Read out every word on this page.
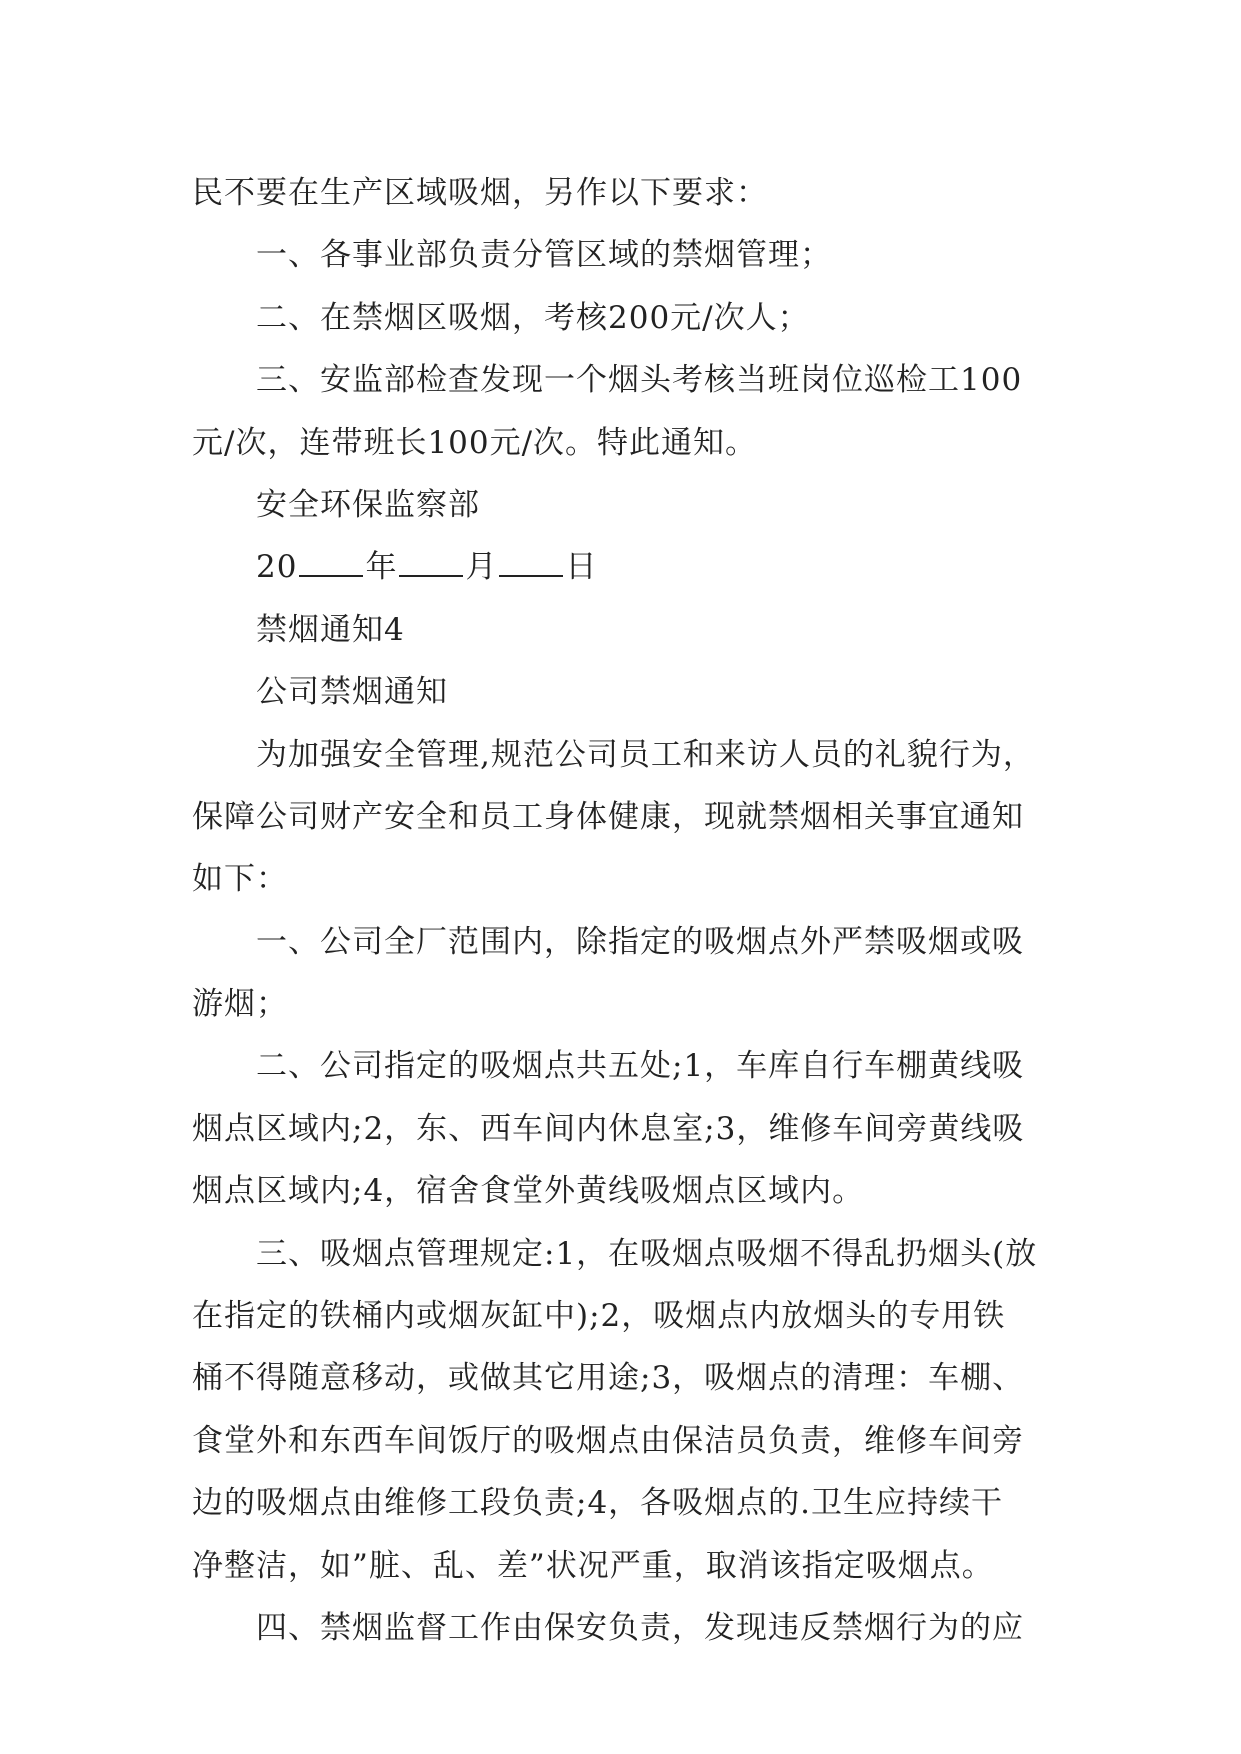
民不要在生产区域吸烟，另作以下要求：
一、各事业部负责分管区域的禁烟管理；
二、在禁烟区吸烟，考核200元/次人；
三、安监部检查发现一个烟头考核当班岗位巡检工100
元/次，连带班长100元/次。特此通知。
安全环保监察部
20 年 月 日
禁烟通知4
公司禁烟通知
为加强安全管理,规范公司员工和来访人员的礼貌行为，
保障公司财产安全和员工身体健康，现就禁烟相关事宜通知
如下：
一、公司全厂范围内，除指定的吸烟点外严禁吸烟或吸
游烟；
二、公司指定的吸烟点共五处;1，车库自行车棚黄线吸
烟点区域内;2，东、西车间内休息室;3，维修车间旁黄线吸
烟点区域内;4，宿舍食堂外黄线吸烟点区域内。
三、吸烟点管理规定:1，在吸烟点吸烟不得乱扔烟头(放
在指定的铁桶内或烟灰缸中);2，吸烟点内放烟头的专用铁
桶不得随意移动，或做其它用途;3，吸烟点的清理：车棚、
食堂外和东西车间饭厅的吸烟点由保洁员负责，维修车间旁
边的吸烟点由维修工段负责;4，各吸烟点的.卫生应持续干
净整洁，如”脏、乱、差”状况严重，取消该指定吸烟点。
四、禁烟监督工作由保安负责，发现违反禁烟行为的应
